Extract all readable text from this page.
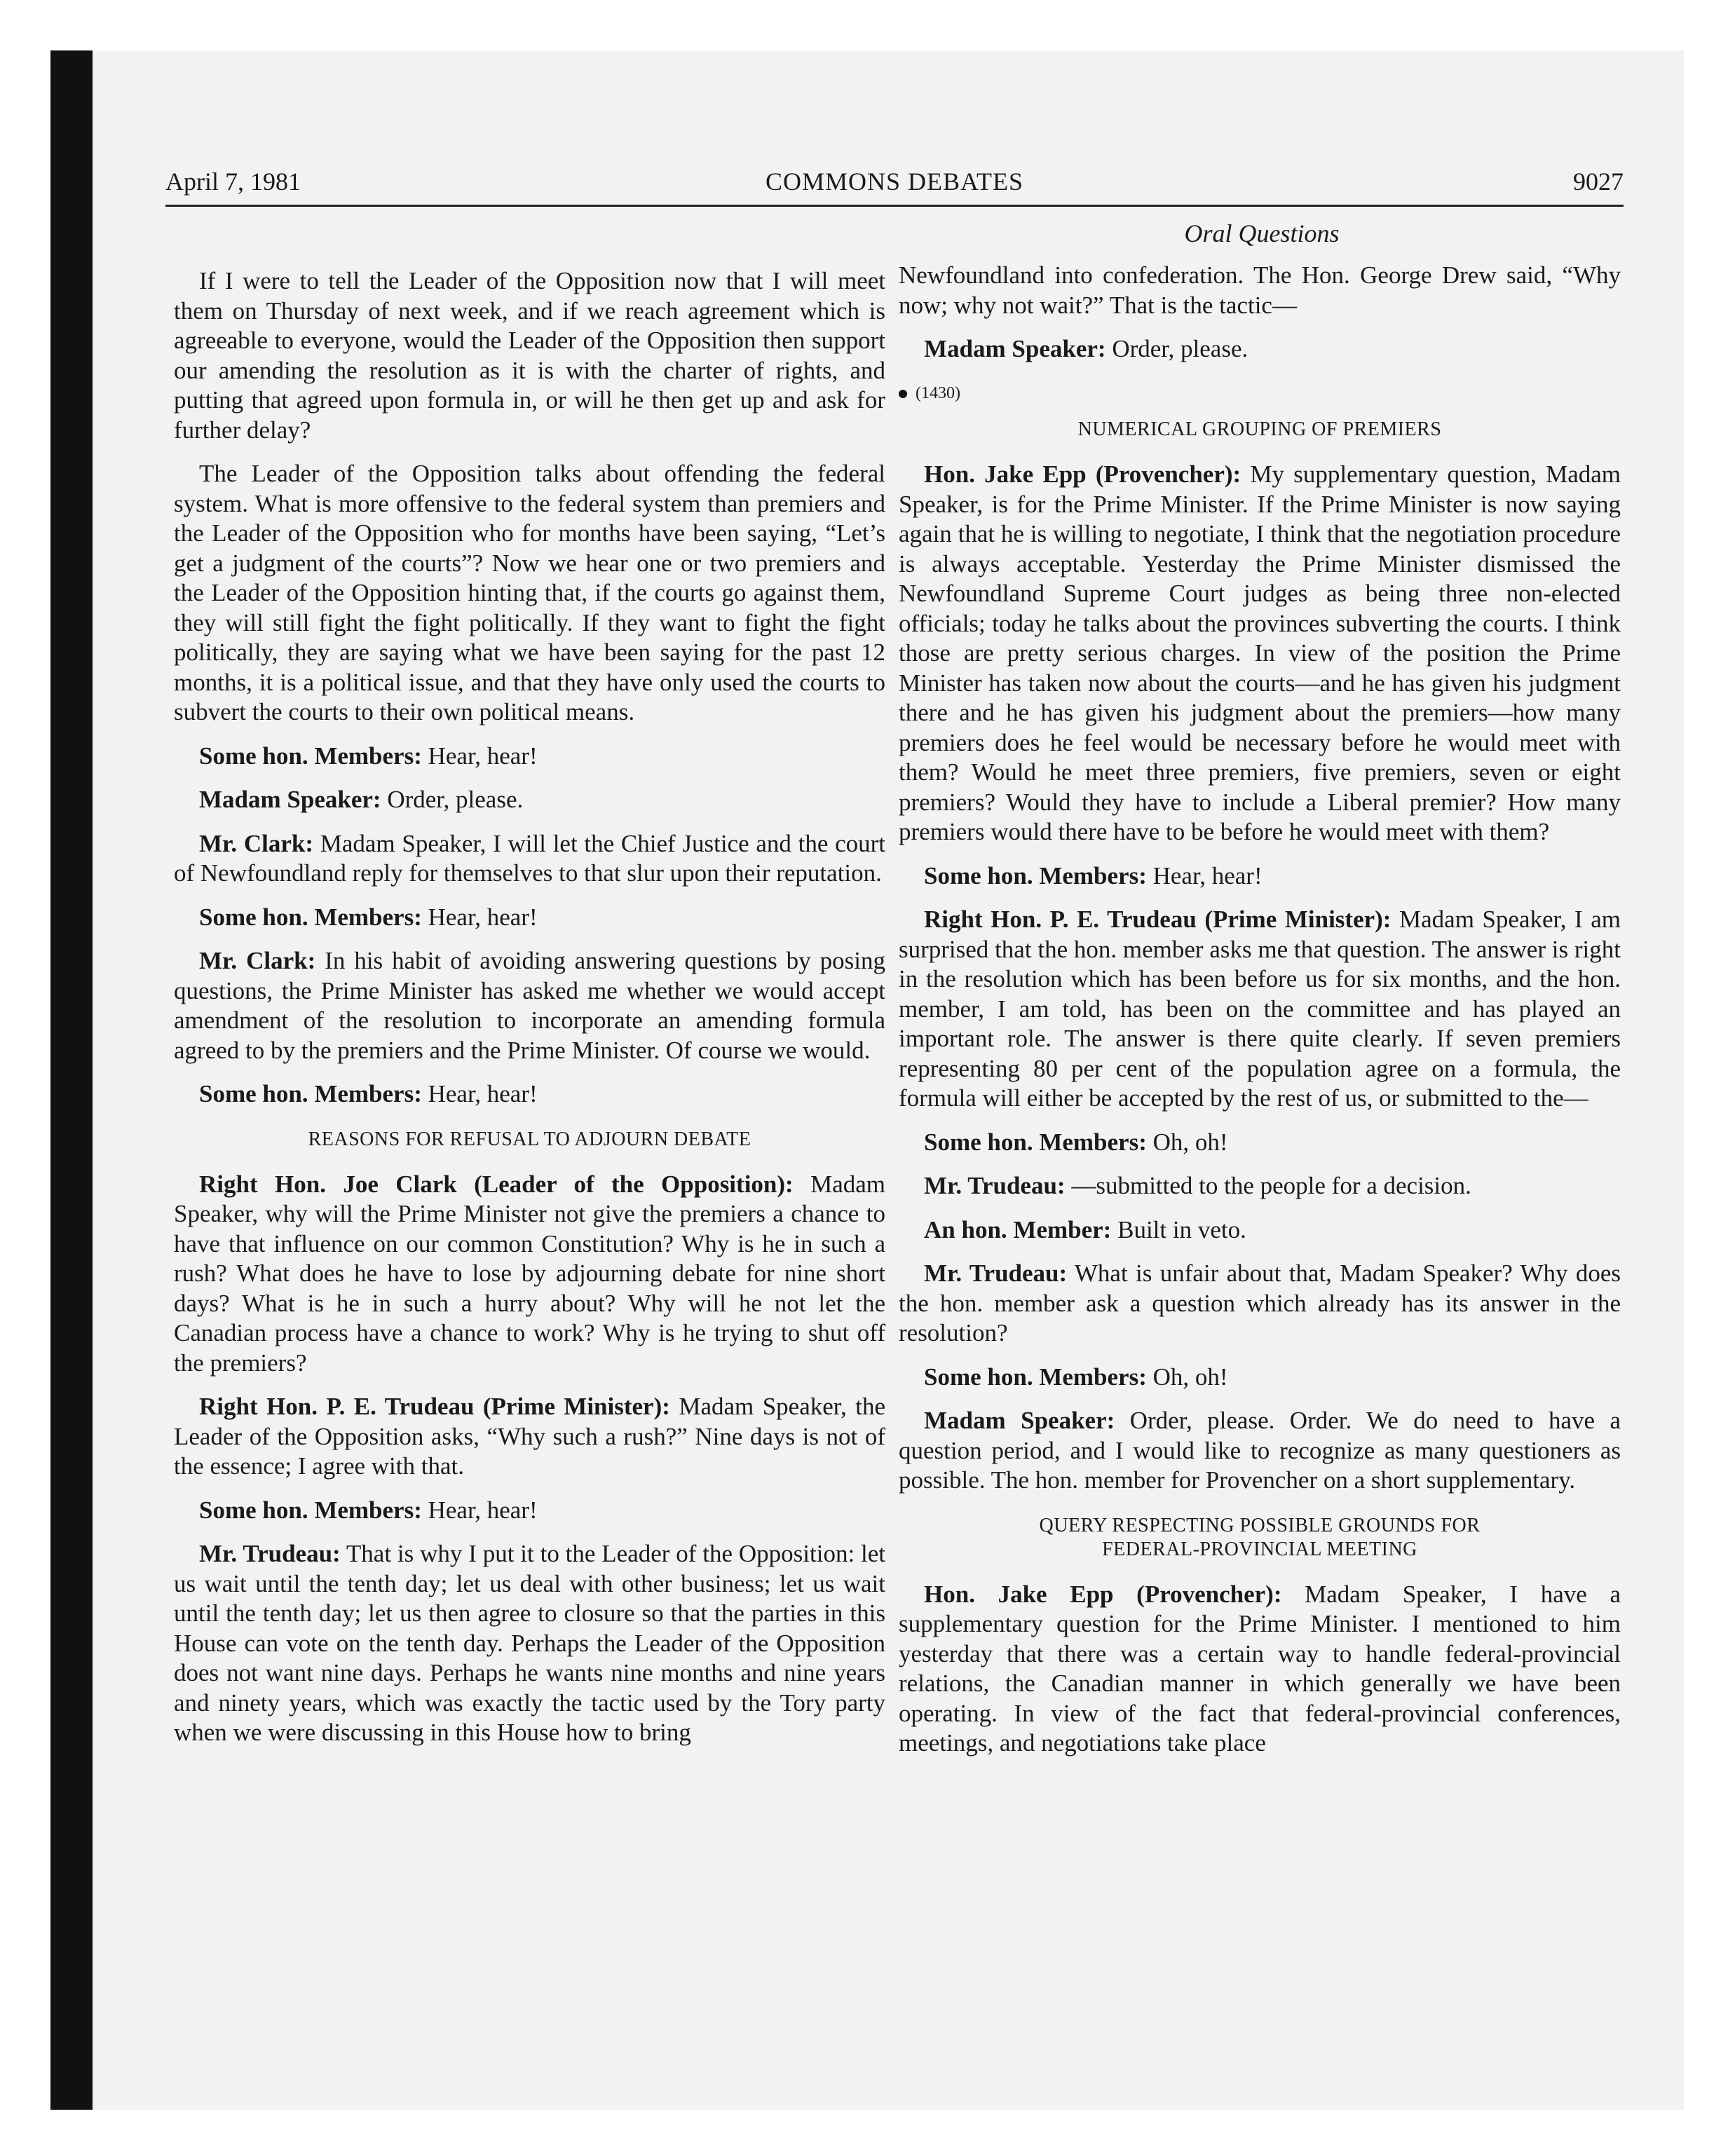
April 7, 1981	COMMONS DEBATES	9027
Oral Questions

If I were to tell the Leader of the Opposition now that I will meet them on Thursday of next week, and if we reach agreement which is agreeable to everyone, would the Leader of the Opposition then support our amending the resolution as it is with the charter of rights, and putting that agreed upon formula in, or will he then get up and ask for further delay?

The Leader of the Opposition talks about offending the federal system. What is more offensive to the federal system than premiers and the Leader of the Opposition who for months have been saying, “Let’s get a judgment of the courts”? Now we hear one or two premiers and the Leader of the Opposition hinting that, if the courts go against them, they will still fight the fight politically. If they want to fight the fight politically, they are saying what we have been saying for the past 12 months, it is a political issue, and that they have only used the courts to subvert the courts to their own political means.

Some hon. Members: Hear, hear!

Madam Speaker: Order, please.

Mr. Clark: Madam Speaker, I will let the Chief Justice and the court of Newfoundland reply for themselves to that slur upon their reputation.

Some hon. Members: Hear, hear!

Mr. Clark: In his habit of avoiding answering questions by posing questions, the Prime Minister has asked me whether we would accept amendment of the resolution to incorporate an amending formula agreed to by the premiers and the Prime Minister. Of course we would.

Some hon. Members: Hear, hear!

REASONS FOR REFUSAL TO ADJOURN DEBATE

Right Hon. Joe Clark (Leader of the Opposition): Madam Speaker, why will the Prime Minister not give the premiers a chance to have that influence on our common Constitution? Why is he in such a rush? What does he have to lose by adjourning debate for nine short days? What is he in such a hurry about? Why will he not let the Canadian process have a chance to work? Why is he trying to shut off the premiers?

Right Hon. P. E. Trudeau (Prime Minister): Madam Speaker, the Leader of the Opposition asks, “Why such a rush?” Nine days is not of the essence; I agree with that.

Some hon. Members: Hear, hear!

Mr. Trudeau: That is why I put it to the Leader of the Opposition: let us wait until the tenth day; let us deal with other business; let us wait until the tenth day; let us then agree to closure so that the parties in this House can vote on the tenth day. Perhaps the Leader of the Opposition does not want nine days. Perhaps he wants nine months and nine years and ninety years, which was exactly the tactic used by the Tory party when we were discussing in this House how to bring

Newfoundland into confederation. The Hon. George Drew said, “Why now; why not wait?” That is the tactic—

Madam Speaker: Order, please.

(1430)
NUMERICAL GROUPING OF PREMIERS

Hon. Jake Epp (Provencher): My supplementary question, Madam Speaker, is for the Prime Minister. If the Prime Minister is now saying again that he is willing to negotiate, I think that the negotiation procedure is always acceptable. Yesterday the Prime Minister dismissed the Newfoundland Supreme Court judges as being three non-elected officials; today he talks about the provinces subverting the courts. I think those are pretty serious charges. In view of the position the Prime Minister has taken now about the courts—and he has given his judgment there and he has given his judgment about the premiers—how many premiers does he feel would be necessary before he would meet with them? Would he meet three premiers, five premiers, seven or eight premiers? Would they have to include a Liberal premier? How many premiers would there have to be before he would meet with them?

Some hon. Members: Hear, hear!

Right Hon. P. E. Trudeau (Prime Minister): Madam Speaker, I am surprised that the hon. member asks me that question. The answer is right in the resolution which has been before us for six months, and the hon. member, I am told, has been on the committee and has played an important role. The answer is there quite clearly. If seven premiers representing 80 per cent of the population agree on a formula, the formula will either be accepted by the rest of us, or submitted to the—

Some hon. Members: Oh, oh!

Mr. Trudeau: —submitted to the people for a decision.

An hon. Member: Built in veto.

Mr. Trudeau: What is unfair about that, Madam Speaker? Why does the hon. member ask a question which already has its answer in the resolution?

Some hon. Members: Oh, oh!

Madam Speaker: Order, please. Order. We do need to have a question period, and I would like to recognize as many questioners as possible. The hon. member for Provencher on a short supplementary.

QUERY RESPECTING POSSIBLE GROUNDS FOR
FEDERAL-PROVINCIAL MEETING

Hon. Jake Epp (Provencher): Madam Speaker, I have a supplementary question for the Prime Minister. I mentioned to him yesterday that there was a certain way to handle federal-provincial relations, the Canadian manner in which generally we have been operating. In view of the fact that federal-provincial conferences, meetings, and negotiations take place
